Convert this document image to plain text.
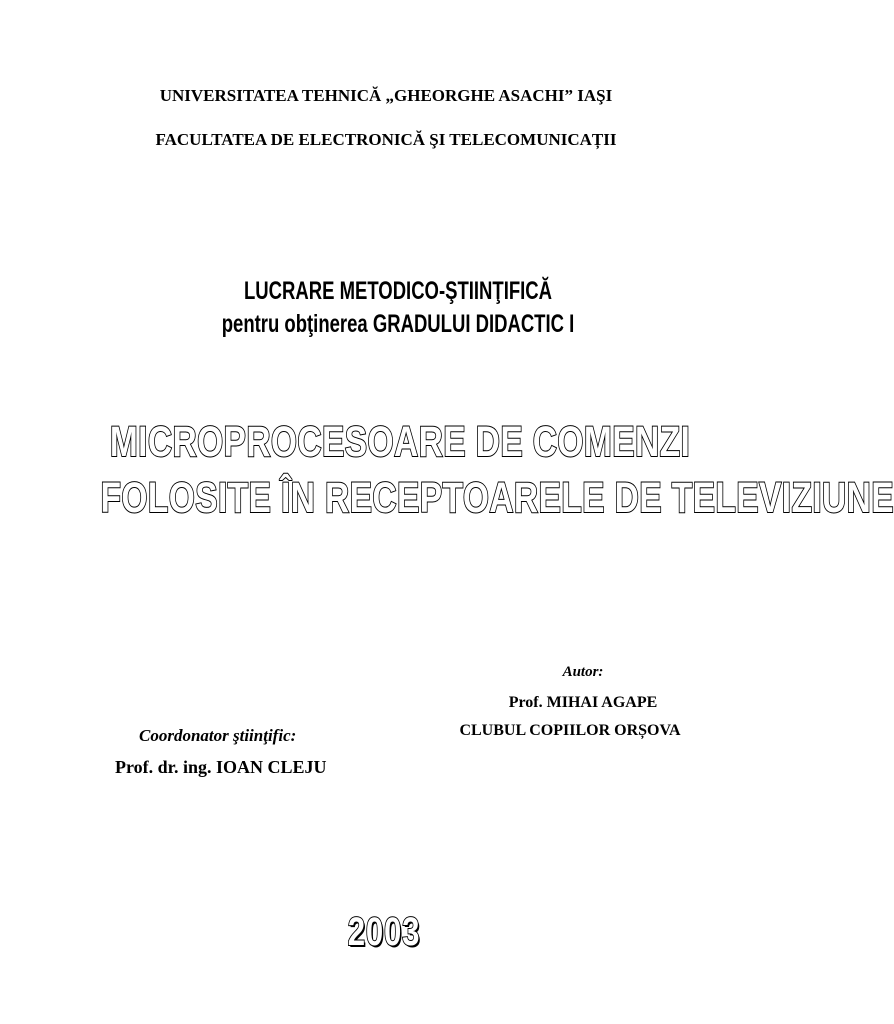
UNIVERSITATEA TEHNICĂ „GHEORGHE ASACHI” IAŞI
FACULTATEA DE ELECTRONICĂ ŞI TELECOMUNICAȚII
LUCRARE METODICO-ŞTIINŢIFICĂ
pentru obţinerea GRADULUI DIDACTIC I
MICROPROCESOARE DE COMENZI
FOLOSITE ÎN RECEPTOARELE DE TELEVIZIUNE
Autor:
Prof. MIHAI AGAPE
CLUBUL COPIILOR ORȘOVA
Coordonator ştiinţific:
Prof. dr. ing. IOAN CLEJU
2003
